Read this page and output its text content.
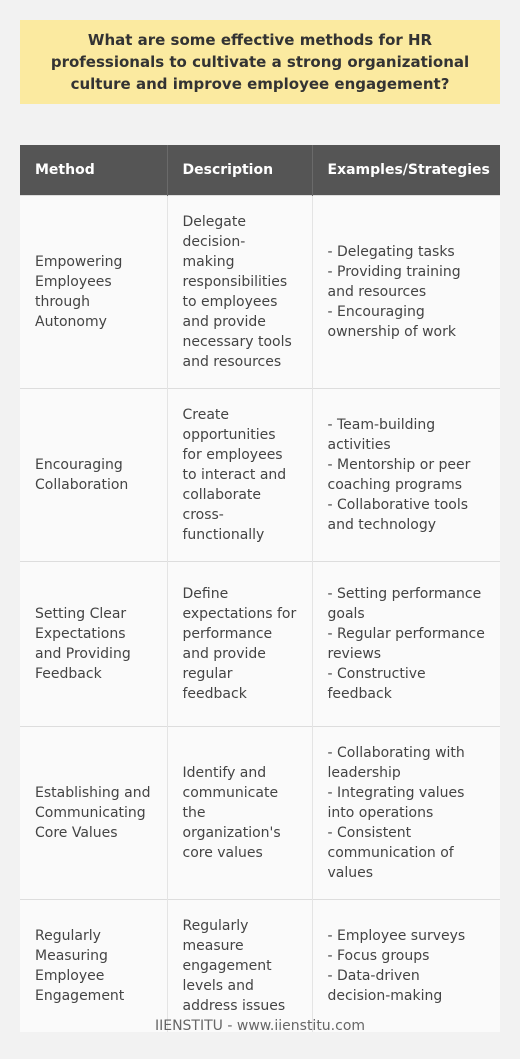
What are some effective methods for HR professionals to cultivate a strong organizational culture and improve employee engagement?
Method	Description	Examples/Strategies
Empowering Employees through Autonomy	Delegate decision-making responsibilities to employees and provide necessary tools and resources	- Delegating tasks
- Providing training and resources
- Encouraging ownership of work

Encouraging Collaboration	Create opportunities for employees to interact and collaborate cross-functionally	- Team-building activities
- Mentorship or peer coaching programs
- Collaborative tools and technology

Setting Clear Expectations and Providing Feedback	Define expectations for performance and provide regular feedback	- Setting performance goals
- Regular performance reviews
- Constructive feedback

Establishing and Communicating Core Values	Identify and communicate the organization's core values	- Collaborating with leadership
- Integrating values into operations
- Consistent communication of values

Regularly Measuring Employee Engagement	Regularly measure engagement levels and address issues	- Employee surveys
- Focus groups
- Data-driven decision-making
IIENSTITU - www.iienstitu.com
